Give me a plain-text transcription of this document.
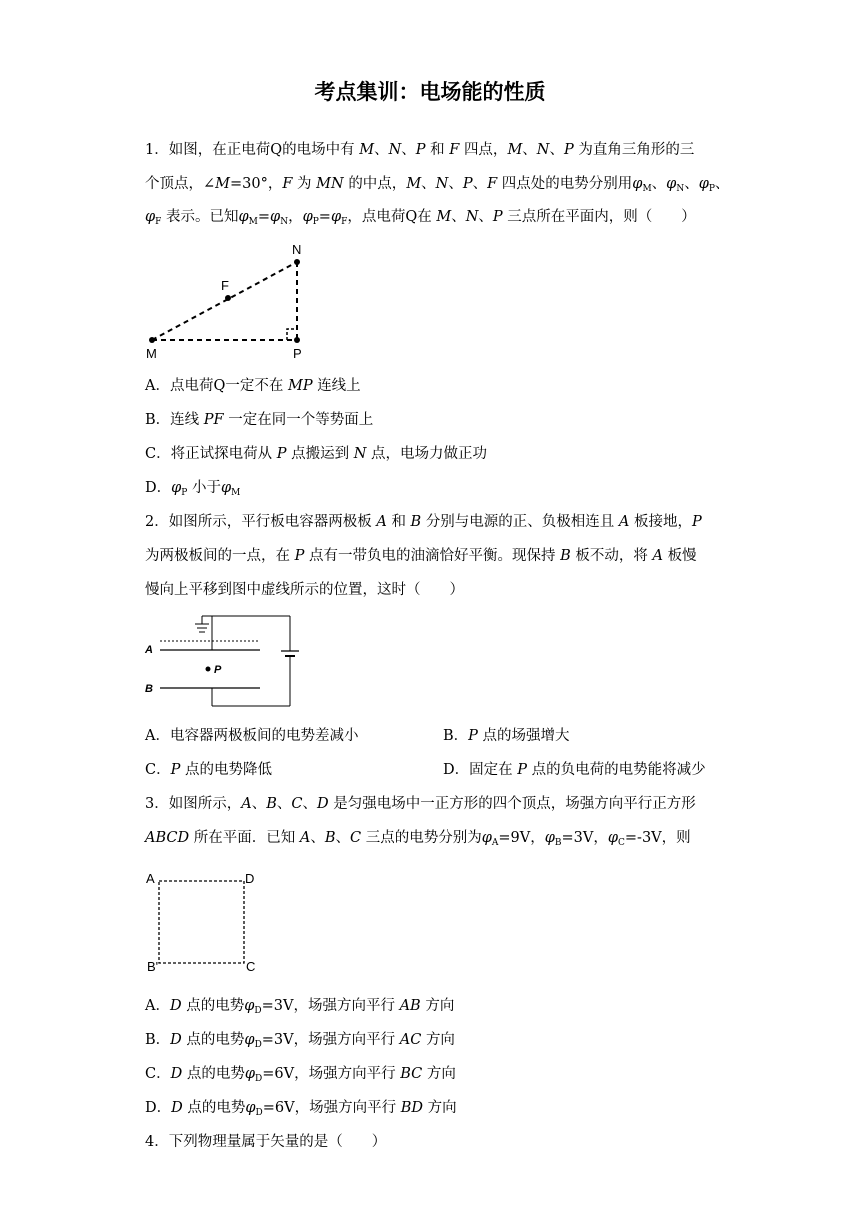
考点集训：电场能的性质
1．如图，在正电荷Q的电场中有 M、N、P 和 F 四点，M、N、P 为直角三角形的三
个顶点，∠M=30°，F 为 MN 的中点，M、N、P、F 四点处的电势分别用$\varphi_M$、$\varphi_N$、$\varphi_P$、
$\varphi_F$ 表示。已知$\varphi_M=\varphi_N$，$\varphi_P=\varphi_F$，点电荷Q在 M、N、P 三点所在平面内，则（　　）
N
F
M	P
A．点电荷Q一定不在 MP 连线上
B．连线 PF 一定在同一个等势面上
C．将正试探电荷从 P 点搬运到 N 点，电场力做正功
D．$\varphi_P$ 小于$\varphi_M$
2．如图所示，平行板电容器两极板 A 和 B 分别与电源的正、负极相连且 A 板接地，P
为两极板间的一点，在 P 点有一带负电的油滴恰好平衡。现保持 B 板不动，将 A 板慢
慢向上平移到图中虚线所示的位置，这时（　　）
P
A
B
A．电容器两极板间的电势差减小	B．P 点的场强增大
C．P 点的电势降低	D．固定在 P 点的负电荷的电势能将减少
3．如图所示，A、B、C、D 是匀强电场中一正方形的四个顶点，场强方向平行正方形
ABCD 所在平面．已知 A、B、C 三点的电势分别为$\varphi_A=9V$，$\varphi_B=3V$，$\varphi_C=-3V$，则
A	D
B'	C
A．D 点的电势$\varphi_D=3V$，场强方向平行 AB 方向
B．D 点的电势$\varphi_D=3V$，场强方向平行 AC 方向
C．D 点的电势$\varphi_D=6V$，场强方向平行 BC 方向
D．D 点的电势$\varphi_D=6V$，场强方向平行 BD 方向
4．下列物理量属于矢量的是（　　）
